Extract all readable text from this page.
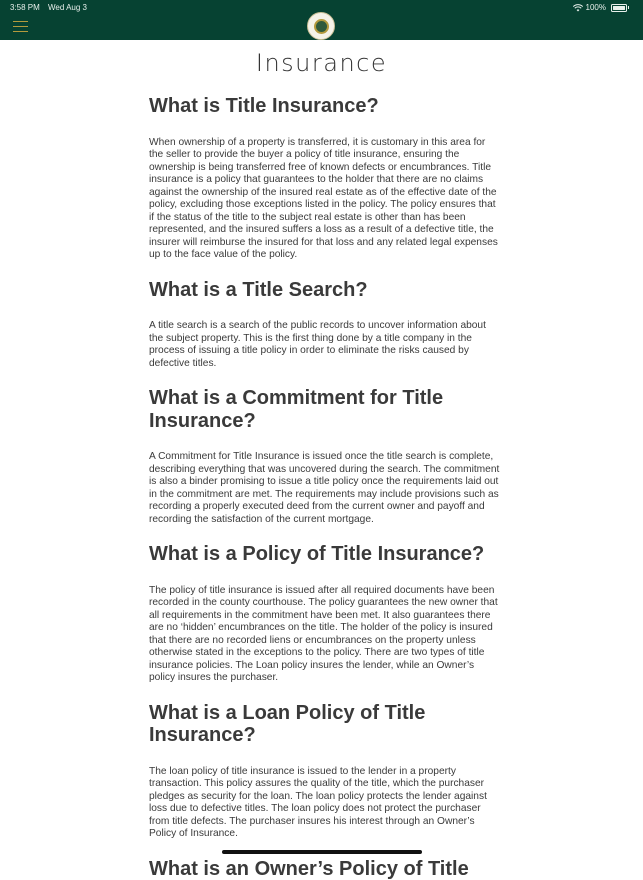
3:58 PM Wed Aug 3	100%
Insurance
What is Title Insurance?

When ownership of a property is transferred, it is customary in this area for the seller to provide the buyer a policy of title insurance, ensuring the ownership is being transferred free of known defects or encumbrances. Title insurance is a policy that guarantees to the holder that there are no claims against the ownership of the insured real estate as of the effective date of the policy, excluding those exceptions listed in the policy. The policy ensures that if the status of the title to the subject real estate is other than has been represented, and the insured suffers a loss as a result of a defective title, the insurer will reimburse the insured for that loss and any related legal expenses up to the face value of the policy.

What is a Title Search?

A title search is a search of the public records to uncover information about the subject property. This is the first thing done by a title company in the process of issuing a title policy in order to eliminate the risks caused by defective titles.

What is a Commitment for Title Insurance?

A Commitment for Title Insurance is issued once the title search is complete, describing everything that was uncovered during the search. The commitment is also a binder promising to issue a title policy once the requirements laid out in the commitment are met. The requirements may include provisions such as recording a properly executed deed from the current owner and payoff and recording the satisfaction of the current mortgage.

What is a Policy of Title Insurance?

The policy of title insurance is issued after all required documents have been recorded in the county courthouse. The policy guarantees the new owner that all requirements in the commitment have been met. It also guarantees there are no ‘hidden’ encumbrances on the title. The holder of the policy is insured that there are no recorded liens or encumbrances on the property unless otherwise stated in the exceptions to the policy. There are two types of title insurance policies. The Loan policy insures the lender, while an Owner’s policy insures the purchaser.

What is a Loan Policy of Title Insurance?

The loan policy of title insurance is issued to the lender in a property transaction. This policy assures the quality of the title, which the purchaser pledges as security for the loan. The loan policy protects the lender against loss due to defective titles. The loan policy does not protect the purchaser from title defects. The purchaser insures his interest through an Owner’s Policy of Insurance.

What is an Owner’s Policy of Title
